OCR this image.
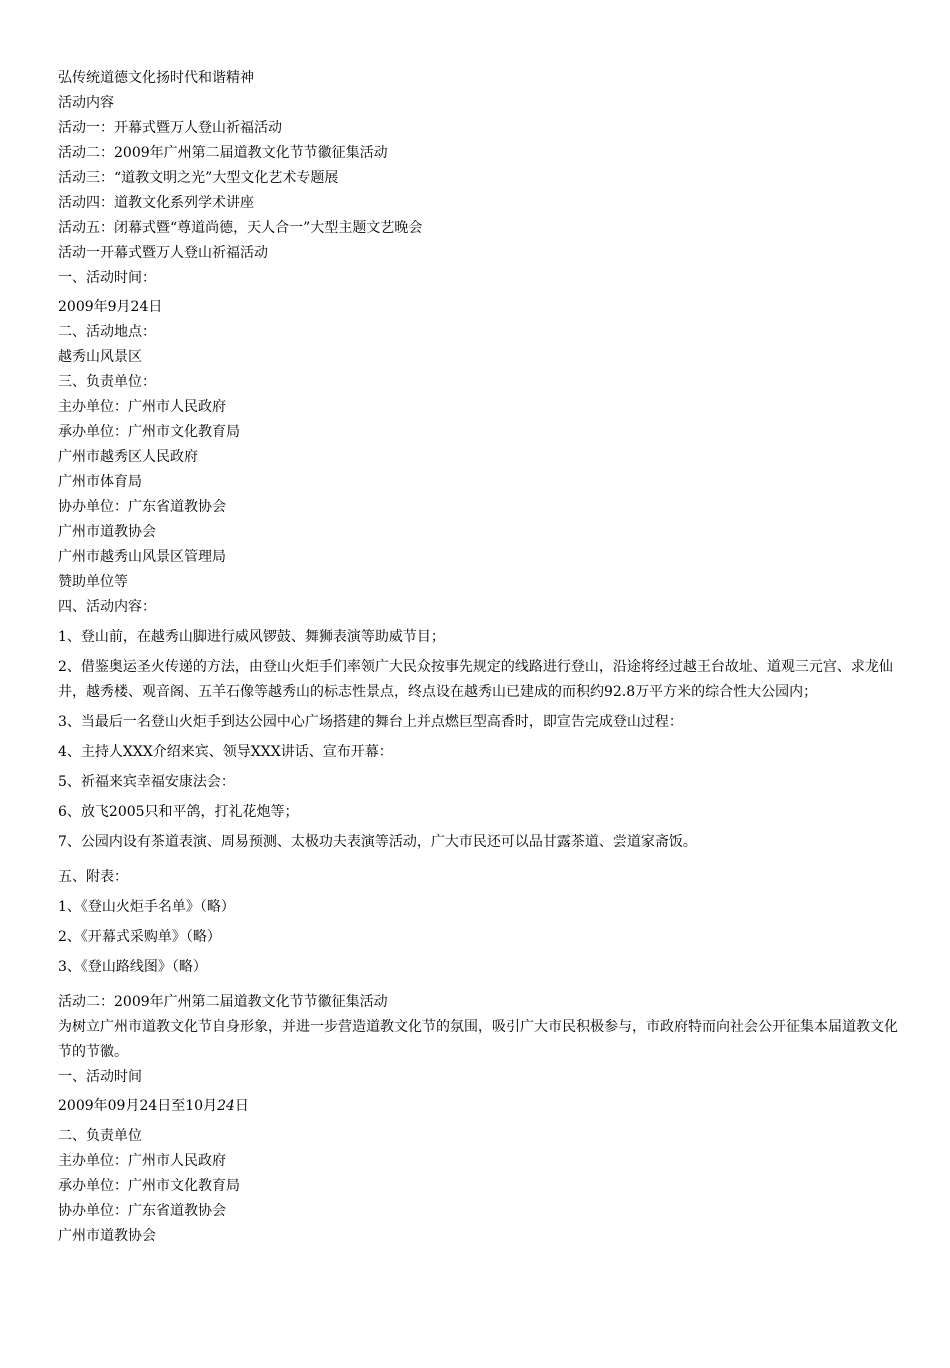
弘传统道德文化扬时代和谐精神
活动内容
活动一：开幕式暨万人登山祈福活动
活动二：2009年广州第二届道教文化节节徽征集活动
活动三：“道教文明之光”大型文化艺术专题展
活动四：道教文化系列学术讲座
活动五：闭幕式暨“尊道尚德，天人合一”大型主题文艺晚会
活动一开幕式暨万人登山祈福活动
一、活动时间：
2009年9月24日
二、活动地点：
越秀山风景区
三、负责单位：
主办单位：广州市人民政府
承办单位：广州市文化教育局
广州市越秀区人民政府
广州市体育局
协办单位：广东省道教协会
广州市道教协会
广州市越秀山风景区管理局
赞助单位等
四、活动内容：
1、登山前，在越秀山脚进行威风锣鼓、舞狮表演等助威节目；
2、借鉴奥运圣火传递的方法，由登山火炬手们率领广大民众按事先规定的线路进行登山，沿途将经过越王台故址、道观三元宫、求龙仙井，越秀楼、观音阁、五羊石像等越秀山的标志性景点，终点设在越秀山已建成的而积约92.8万平方米的综合性大公园内；
3、当最后一名登山火炬手到达公园中心广场搭建的舞台上并点燃巨型高香时，即宣告完成登山过程：
4、主持人XXX介绍来宾、领导XXX讲话、宣布开幕：
5、祈福来宾幸福安康法会：
6、放飞2005只和平鸽，打礼花炮等；
7、公园内设有茶道表演、周易预测、太极功夫表演等活动，广大市民还可以品甘露茶道、尝道家斋饭。
五、附表：
1、《登山火炬手名单》（略）
2、《开幕式采购单》（略）
3、《登山路线图》（略）
活动二：2009年广州第二届道教文化节节徽征集活动
为树立广州市道教文化节自身形象，并进一步营造道教文化节的氛围，吸引广大市民积极参与，市政府特而向社会公开征集本届道教文化节的节徽。
一、活动时间
2009年09月24日至10月24日
二、负责单位
主办单位：广州市人民政府
承办单位：广州市文化教育局
协办单位：广东省道教协会
广州市道教协会
